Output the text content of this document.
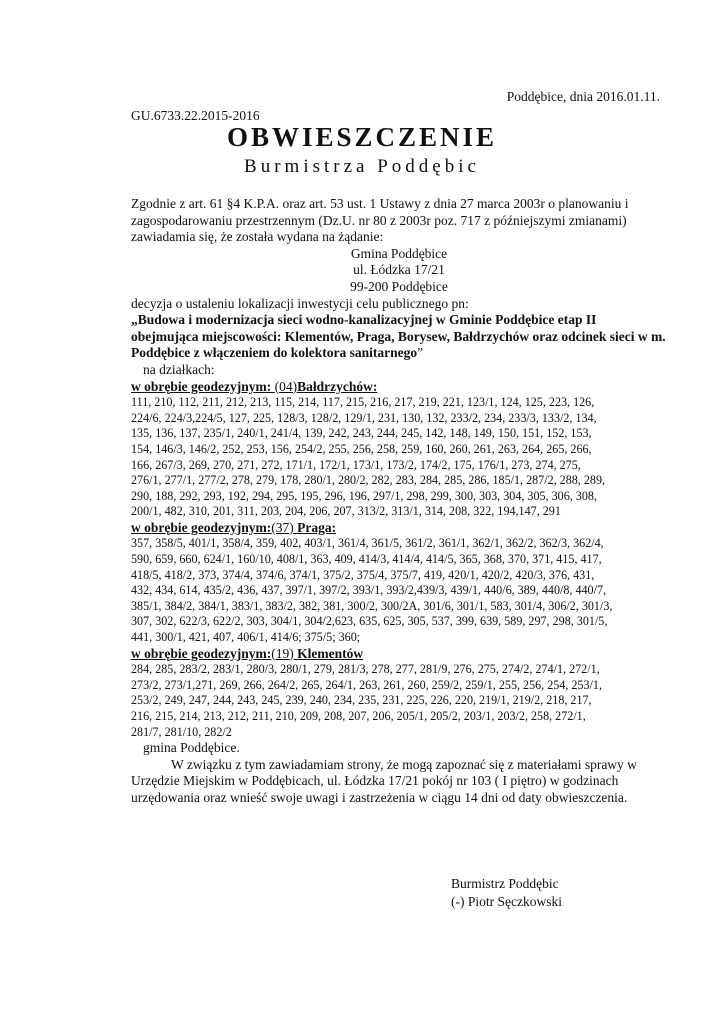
Poddębice, dnia 2016.01.11.
GU.6733.22.2015-2016
OBWIESZCZENIE
Burmistrza Poddębic

Zgodnie z art. 61 §4 K.P.A. oraz art. 53 ust. 1 Ustawy z dnia 27 marca 2003r o planowaniu i zagospodarowaniu przestrzennym (Dz.U. nr 80 z 2003r poz. 717 z późniejszymi zmianami) zawiadamia się, że została wydana na żądanie:

Gmina Poddębice

ul. Łódzka 17/21

99-200 Poddębice

decyzja o ustaleniu lokalizacji inwestycji celu publicznego pn:

„Budowa i modernizacja sieci wodno-kanalizacyjnej w Gminie Poddębice etap II obejmująca miejscowości: Klementów, Praga, Borysew, Bałdrzychów oraz odcinek sieci w m. Poddębice z włączeniem do kolektora sanitarnego”

na działkach:

w obrębie geodezyjnym: (04)Bałdrzychów:

111, 210, 112, 211, 212, 213, 115, 214, 117, 215, 216, 217, 219, 221, 123/1, 124, 125, 223, 126,
224/6, 224/3,224/5, 127, 225, 128/3, 128/2, 129/1, 231, 130, 132, 233/2, 234, 233/3, 133/2, 134,
135, 136, 137, 235/1, 240/1, 241/4, 139, 242, 243, 244, 245, 142, 148, 149, 150, 151, 152, 153,
154, 146/3, 146/2, 252, 253, 156, 254/2, 255, 256, 258, 259, 160, 260, 261, 263, 264, 265, 266,
166, 267/3, 269, 270, 271, 272, 171/1, 172/1, 173/1, 173/2, 174/2, 175, 176/1, 273, 274, 275,
276/1, 277/1, 277/2, 278, 279, 178, 280/1, 280/2, 282, 283, 284, 285, 286, 185/1, 287/2, 288, 289,
290, 188, 292, 293, 192, 294, 295, 195, 296, 196, 297/1, 298, 299, 300, 303, 304, 305, 306, 308,
200/1, 482, 310, 201, 311, 203, 204, 206, 207, 313/2, 313/1, 314, 208, 322, 194,147, 291

w obrębie geodezyjnym:(37) Praga:

357, 358/5, 401/1, 358/4, 359, 402, 403/1, 361/4, 361/5, 361/2, 361/1, 362/1, 362/2, 362/3, 362/4,
590, 659, 660, 624/1, 160/10, 408/1, 363, 409, 414/3, 414/4, 414/5, 365, 368, 370, 371, 415, 417,
418/5, 418/2, 373, 374/4, 374/6, 374/1, 375/2, 375/4, 375/7, 419, 420/1, 420/2, 420/3, 376, 431,
432, 434, 614, 435/2, 436, 437, 397/1, 397/2, 393/1, 393/2,439/3, 439/1, 440/6, 389, 440/8, 440/7,
385/1, 384/2, 384/1, 383/1, 383/2, 382, 381, 300/2, 300/2A, 301/6, 301/1, 583, 301/4, 306/2, 301/3,
307, 302, 622/3, 622/2, 303, 304/1, 304/2,623, 635, 625, 305, 537, 399, 639, 589, 297, 298, 301/5,
441, 300/1, 421, 407, 406/1, 414/6; 375/5; 360;

w obrębie geodezyjnym:(19) Klementów

284, 285, 283/2, 283/1, 280/3, 280/1, 279, 281/3, 278, 277, 281/9, 276, 275, 274/2, 274/1, 272/1,
273/2, 273/1,271, 269, 266, 264/2, 265, 264/1, 263, 261, 260, 259/2, 259/1, 255, 256, 254, 253/1,
253/2, 249, 247, 244, 243, 245, 239, 240, 234, 235, 231, 225, 226, 220, 219/1, 219/2, 218, 217,
216, 215, 214, 213, 212, 211, 210, 209, 208, 207, 206, 205/1, 205/2, 203/1, 203/2, 258, 272/1,
281/7, 281/10, 282/2

gmina Poddębice.

W związku z tym zawiadamiam strony, że mogą zapoznać się z materiałami sprawy w Urzędzie Miejskim w Poddębicach, ul. Łódzka 17/21 pokój nr 103 ( I piętro) w godzinach urzędowania oraz wnieść swoje uwagi i zastrzeżenia w ciągu 14 dni od daty obwieszczenia.

Burmistrz Poddębic
(-) Piotr Sęczkowski
